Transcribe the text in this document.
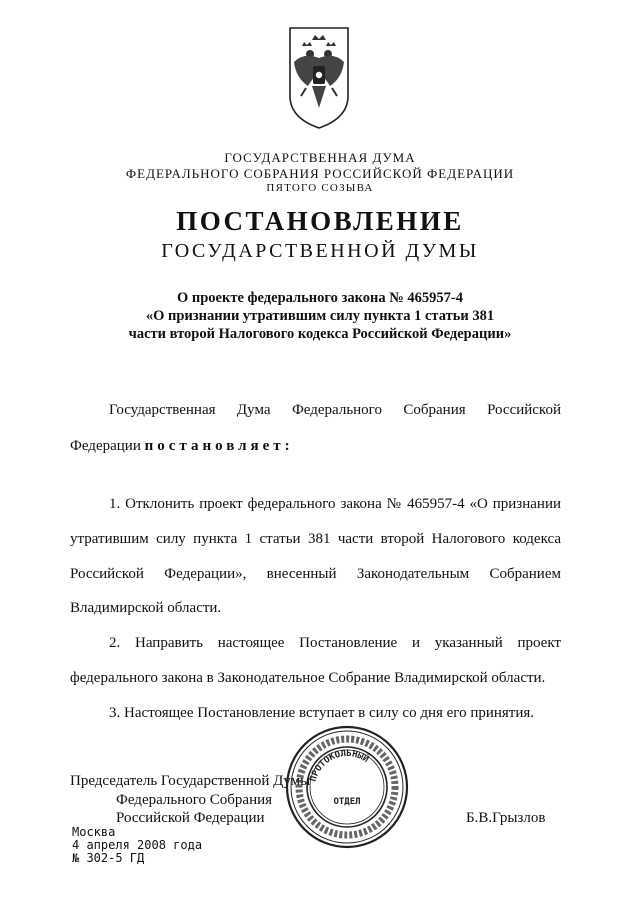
ГОСУДАРСТВЕННАЯ ДУМА
ФЕДЕРАЛЬНОГО СОБРАНИЯ РОССИЙСКОЙ ФЕДЕРАЦИИ
ПЯТОГО СОЗЫВА
ПОСТАНОВЛЕНИЕ
ГОСУДАРСТВЕННОЙ ДУМЫ
О проекте федерального закона № 465957-4
«О признании утратившим силу пункта 1 статьи 381
части второй Налогового кодекса Российской Федерации»
Государственная Дума Федерального Собрания Российской
Федерации постановляет:
1. Отклонить проект федерального закона № 465957-4 «О признании
утратившим силу пункта 1 статьи 381 части второй Налогового кодекса
Российской Федерации», внесенный Законодательным Собранием
Владимирской области.
2. Направить настоящее Постановление и указанный проект
федерального закона в Законодательное Собрание Владимирской области.
3. Настоящее Постановление вступает в силу со дня его принятия.
Председатель Государственной Думы
Федерального Собрания
Российской Федерации	Б.В.Грызлов
Москва
4 апреля 2008 года
№ 302-5 ГД
ПРОТОКОЛЬНЫЙ
ОТДЕЛ
